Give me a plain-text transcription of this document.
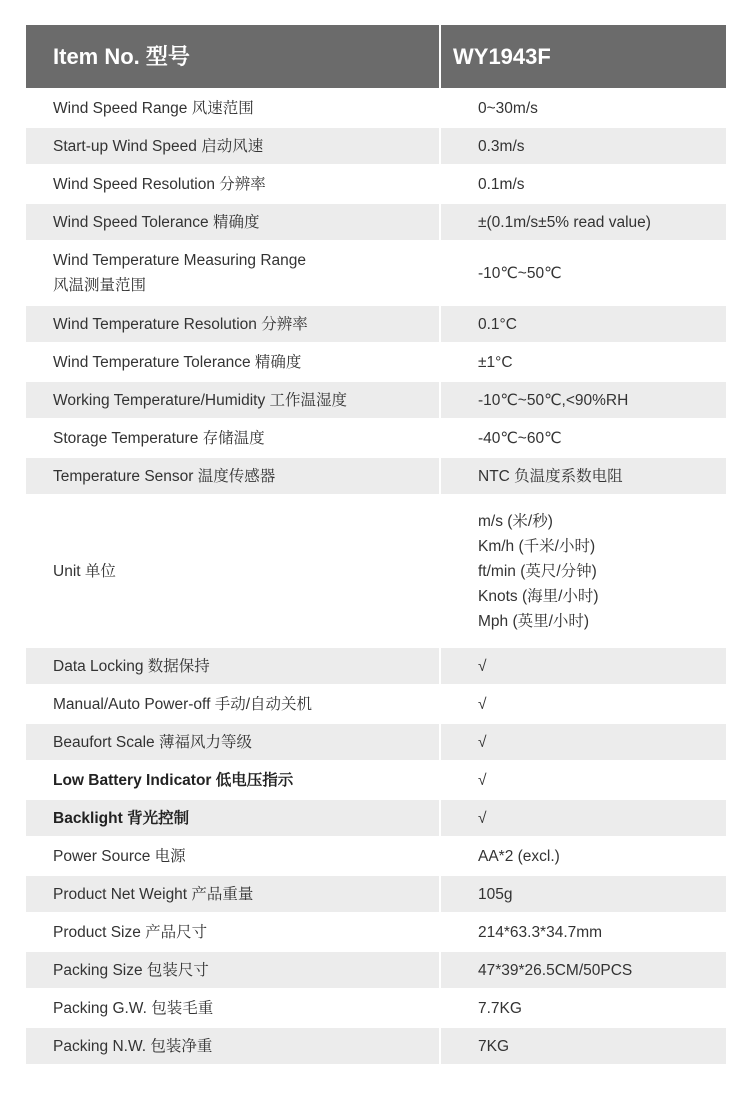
Item No. 型号	WY1943F
Wind Speed Range 风速范围	0~30m/s
Start-up Wind Speed 启动风速	0.3m/s
Wind Speed Resolution 分辨率	0.1m/s
Wind Speed Tolerance 精确度	±(0.1m/s±5% read value)

Wind Temperature Measuring Range
风温测量范围	-10℃~50℃
Wind Temperature Resolution 分辨率	0.1°C
Wind Temperature Tolerance 精确度	±1°C
Working Temperature/Humidity 工作温湿度	-10℃~50℃,<90%RH
Storage Temperature 存储温度	-40℃~60℃
Temperature Sensor 温度传感器	NTC 负温度系数电阻
Unit 单位	m/s (米/秒)
Km/h (千米/小时)
ft/min (英尺/分钟)
Knots (海里/小时)
Mph (英里/小时)

Data Locking 数据保持	√
Manual/Auto Power-off 手动/自动关机	√
Beaufort Scale 薄福风力等级	√
Low Battery Indicator 低电压指示	√
Backlight 背光控制	√
Power Source 电源	AA*2 (excl.)
Product Net Weight 产品重量	105g
Product Size 产品尺寸	214*63.3*34.7mm
Packing Size 包装尺寸	47*39*26.5CM/50PCS
Packing G.W. 包装毛重	7.7KG
Packing N.W. 包装净重	7KG
